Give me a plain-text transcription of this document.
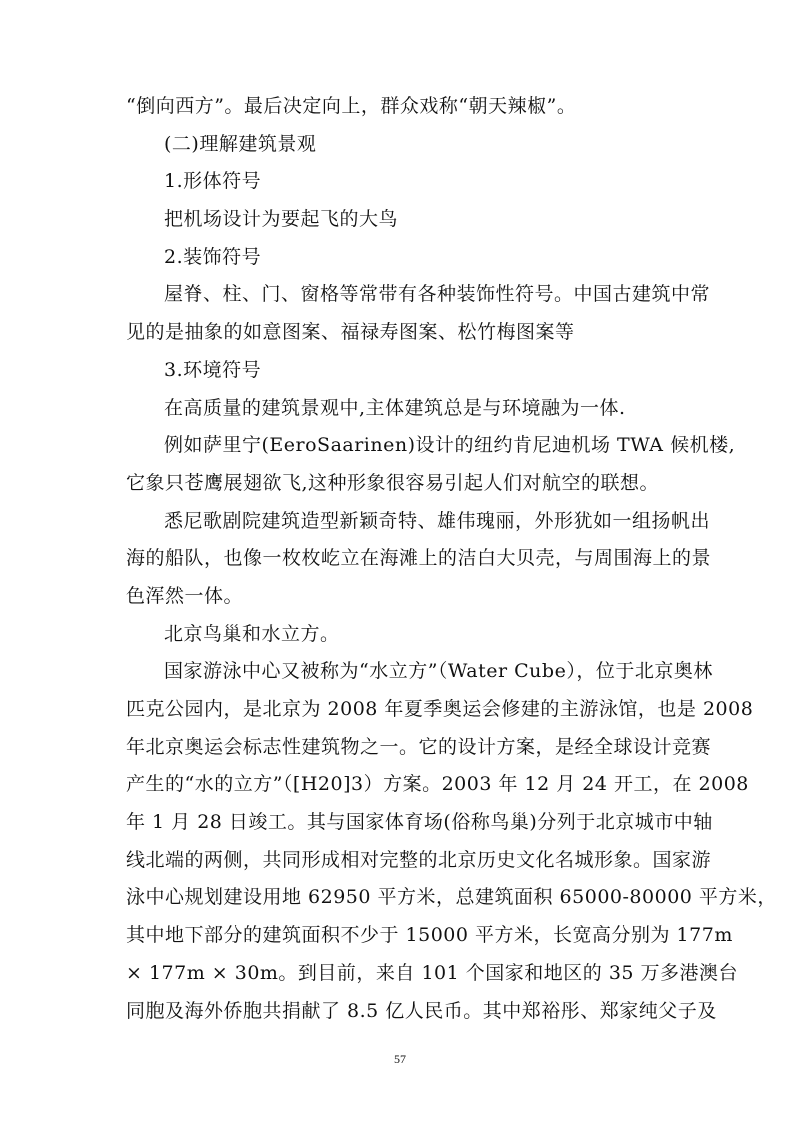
“倒向西方”。最后决定向上，群众戏称“朝天辣椒”。
(二)理解建筑景观
1.形体符号
把机场设计为要起飞的大鸟
2.装饰符号
屋脊、柱、门、窗格等常带有各种装饰性符号。中国古建筑中常
见的是抽象的如意图案、福禄寿图案、松竹梅图案等
3.环境符号
在高质量的建筑景观中,主体建筑总是与环境融为一体.
例如萨里宁(EeroSaarinen)设计的纽约肯尼迪机场 TWA 候机楼,
它象只苍鹰展翅欲飞,这种形象很容易引起人们对航空的联想。
悉尼歌剧院建筑造型新颖奇特、雄伟瑰丽，外形犹如一组扬帆出
海的船队，也像一枚枚屹立在海滩上的洁白大贝壳，与周围海上的景
色浑然一体。
北京鸟巢和水立方。
国家游泳中心又被称为“水立方”（Water Cube），位于北京奥林
匹克公园内，是北京为 2008 年夏季奥运会修建的主游泳馆，也是 2008
年北京奥运会标志性建筑物之一。它的设计方案，是经全球设计竞赛
产生的“水的立方”（[H20]3）方案。2003 年 12 月 24 开工，在 2008
年 1 月 28 日竣工。其与国家体育场(俗称鸟巢)分列于北京城市中轴
线北端的两侧，共同形成相对完整的北京历史文化名城形象。国家游
泳中心规划建设用地 62950 平方米，总建筑面积 65000-80000 平方米，
其中地下部分的建筑面积不少于 15000 平方米，长宽高分别为 177m
× 177m × 30m。到目前，来自 101 个国家和地区的 35 万多港澳台
同胞及海外侨胞共捐献了 8.5 亿人民币。其中郑裕彤、郑家纯父子及
57
